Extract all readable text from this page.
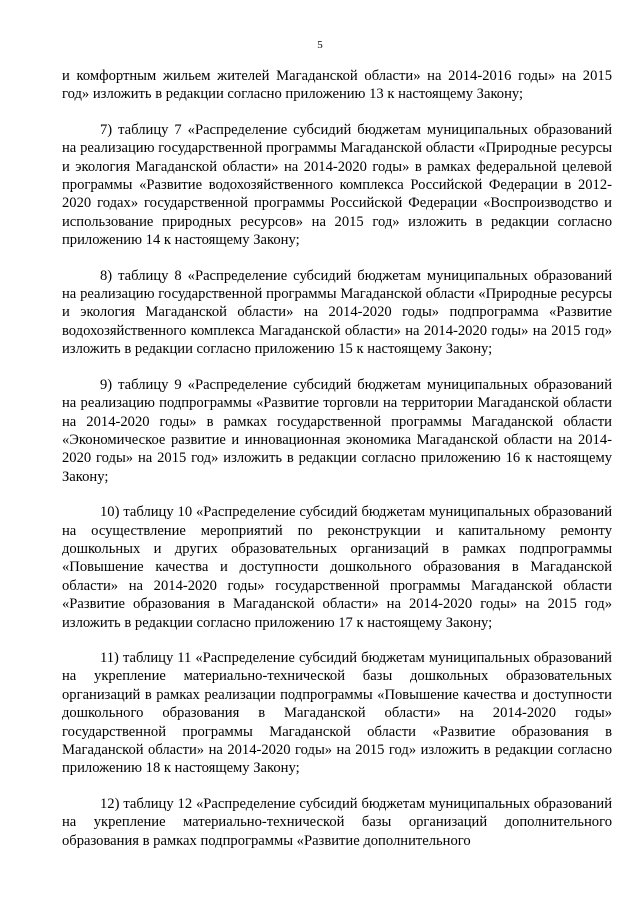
5

и комфортным жильем жителей Магаданской области» на 2014-2016 годы» на 2015 год» изложить в редакции согласно приложению 13 к настоящему Закону;

7) таблицу 7 «Распределение субсидий бюджетам муниципальных образований на реализацию государственной программы Магаданской области «Природные ресурсы и экология Магаданской области» на 2014-2020 годы» в рамках федеральной целевой программы «Развитие водохозяйственного комплекса Российской Федерации в 2012-2020 годах» государственной программы Российской Федерации «Воспроизводство и использование природных ресурсов» на 2015 год» изложить в редакции согласно приложению 14 к настоящему Закону;

8) таблицу 8 «Распределение субсидий бюджетам муниципальных образований на реализацию государственной программы Магаданской области «Природные ресурсы и экология Магаданской области» на 2014-2020 годы» подпрограмма «Развитие водохозяйственного комплекса Магаданской области» на 2014-2020 годы» на 2015 год» изложить в редакции согласно приложению 15 к настоящему Закону;

9) таблицу 9 «Распределение субсидий бюджетам муниципальных образований на реализацию подпрограммы «Развитие торговли на территории Магаданской области на 2014-2020 годы» в рамках государственной программы Магаданской области «Экономическое развитие и инновационная экономика Магаданской области на 2014-2020 годы» на 2015 год» изложить в редакции согласно приложению 16 к настоящему Закону;

10) таблицу 10 «Распределение субсидий бюджетам муниципальных образований на осуществление мероприятий по реконструкции и капитальному ремонту дошкольных и других образовательных организаций в рамках подпрограммы «Повышение качества и доступности дошкольного образования в Магаданской области» на 2014-2020 годы» государственной программы Магаданской области «Развитие образования в Магаданской области» на 2014-2020 годы» на 2015 год» изложить в редакции согласно приложению 17 к настоящему Закону;

11) таблицу 11 «Распределение субсидий бюджетам муниципальных образований на укрепление материально-технической базы дошкольных образовательных организаций в рамках реализации подпрограммы «Повышение качества и доступности дошкольного образования в Магаданской области» на 2014-2020 годы» государственной программы Магаданской области «Развитие образования в Магаданской области» на 2014-2020 годы» на 2015 год» изложить в редакции согласно приложению 18 к настоящему Закону;

12) таблицу 12 «Распределение субсидий бюджетам муниципальных образований на укрепление материально-технической базы организаций дополнительного образования в рамках подпрограммы «Развитие дополнительного
